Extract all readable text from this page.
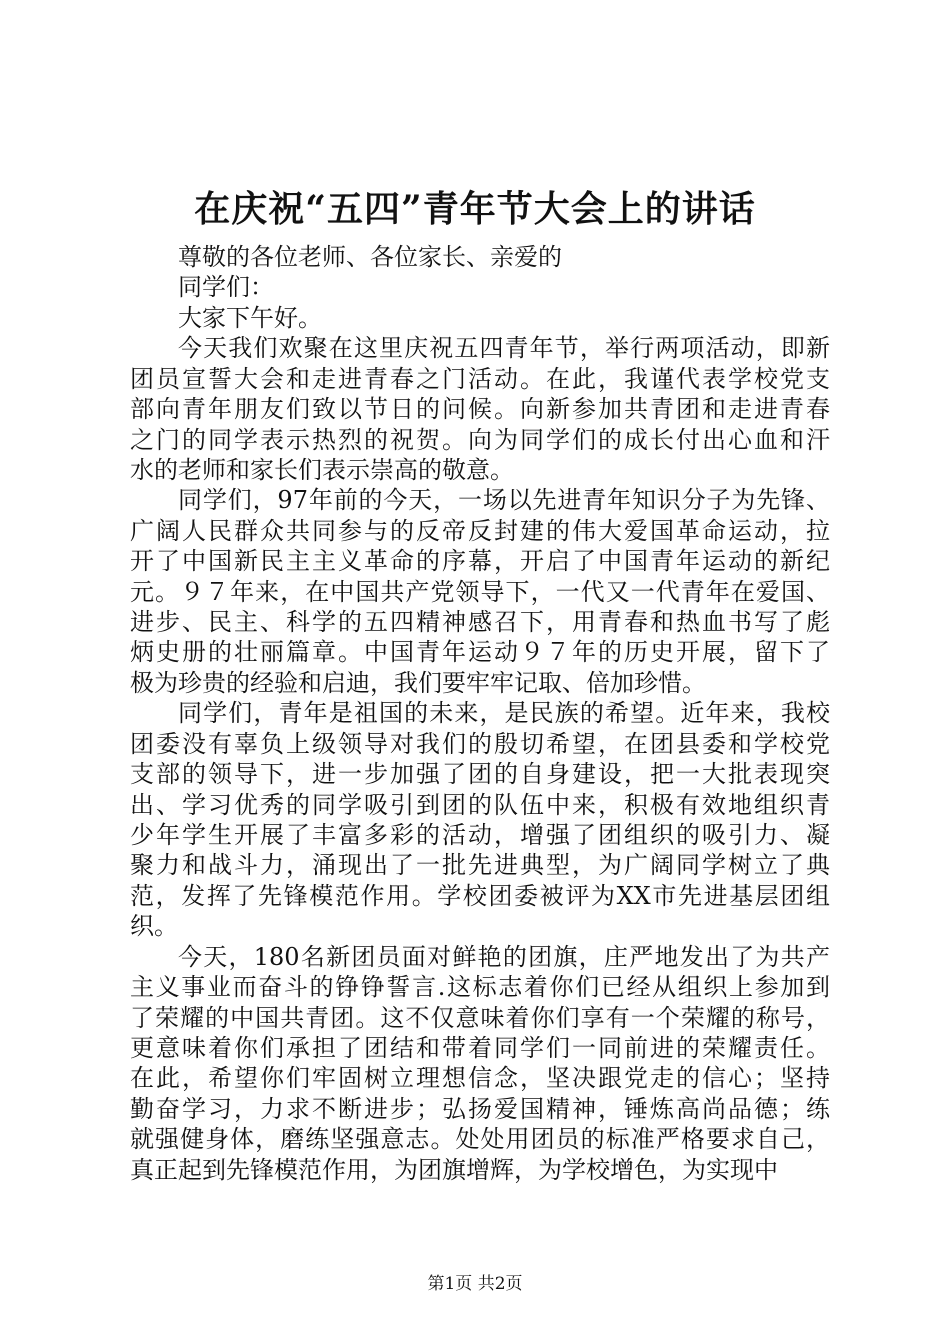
在庆祝“五四”青年节大会上的讲话

尊敬的各位老师、各位家长、亲爱的

同学们：

大家下午好。

今天我们欢聚在这里庆祝五四青年节，举行两项活动，即新

团员宣誓大会和走进青春之门活动。在此，我谨代表学校党支

部向青年朋友们致以节日的问候。向新参加共青团和走进青春

之门的同学表示热烈的祝贺。向为同学们的成长付出心血和汗

水的老师和家长们表示崇高的敬意。

同学们，97年前的今天，一场以先进青年知识分子为先锋、

广阔人民群众共同参与的反帝反封建的伟大爱国革命运动，拉

开了中国新民主主义革命的序幕，开启了中国青年运动的新纪

元。９７年来，在中国共产党领导下，一代又一代青年在爱国、

进步、民主、科学的五四精神感召下，用青春和热血书写了彪

炳史册的壮丽篇章。中国青年运动９７年的历史开展，留下了

极为珍贵的经验和启迪，我们要牢牢记取、倍加珍惜。

同学们，青年是祖国的未来，是民族的希望。近年来，我校

团委没有辜负上级领导对我们的殷切希望，在团县委和学校党

支部的领导下，进一步加强了团的自身建设，把一大批表现突

出、学习优秀的同学吸引到团的队伍中来，积极有效地组织青

少年学生开展了丰富多彩的活动，增强了团组织的吸引力、凝

聚力和战斗力，涌现出了一批先进典型，为广阔同学树立了典

范，发挥了先锋模范作用。学校团委被评为XX市先进基层团组

织。

今天，180名新团员面对鲜艳的团旗，庄严地发出了为共产

主义事业而奋斗的铮铮誓言.这标志着你们已经从组织上参加到

了荣耀的中国共青团。这不仅意味着你们享有一个荣耀的称号，

更意味着你们承担了团结和带着同学们一同前进的荣耀责任。

在此，希望你们牢固树立理想信念，坚决跟党走的信心；坚持

勤奋学习，力求不断进步；弘扬爱国精神，锤炼高尚品德；练

就强健身体，磨练坚强意志。处处用团员的标准严格要求自己，

真正起到先锋模范作用，为团旗增辉，为学校增色，为实现中

第1页 共2页
